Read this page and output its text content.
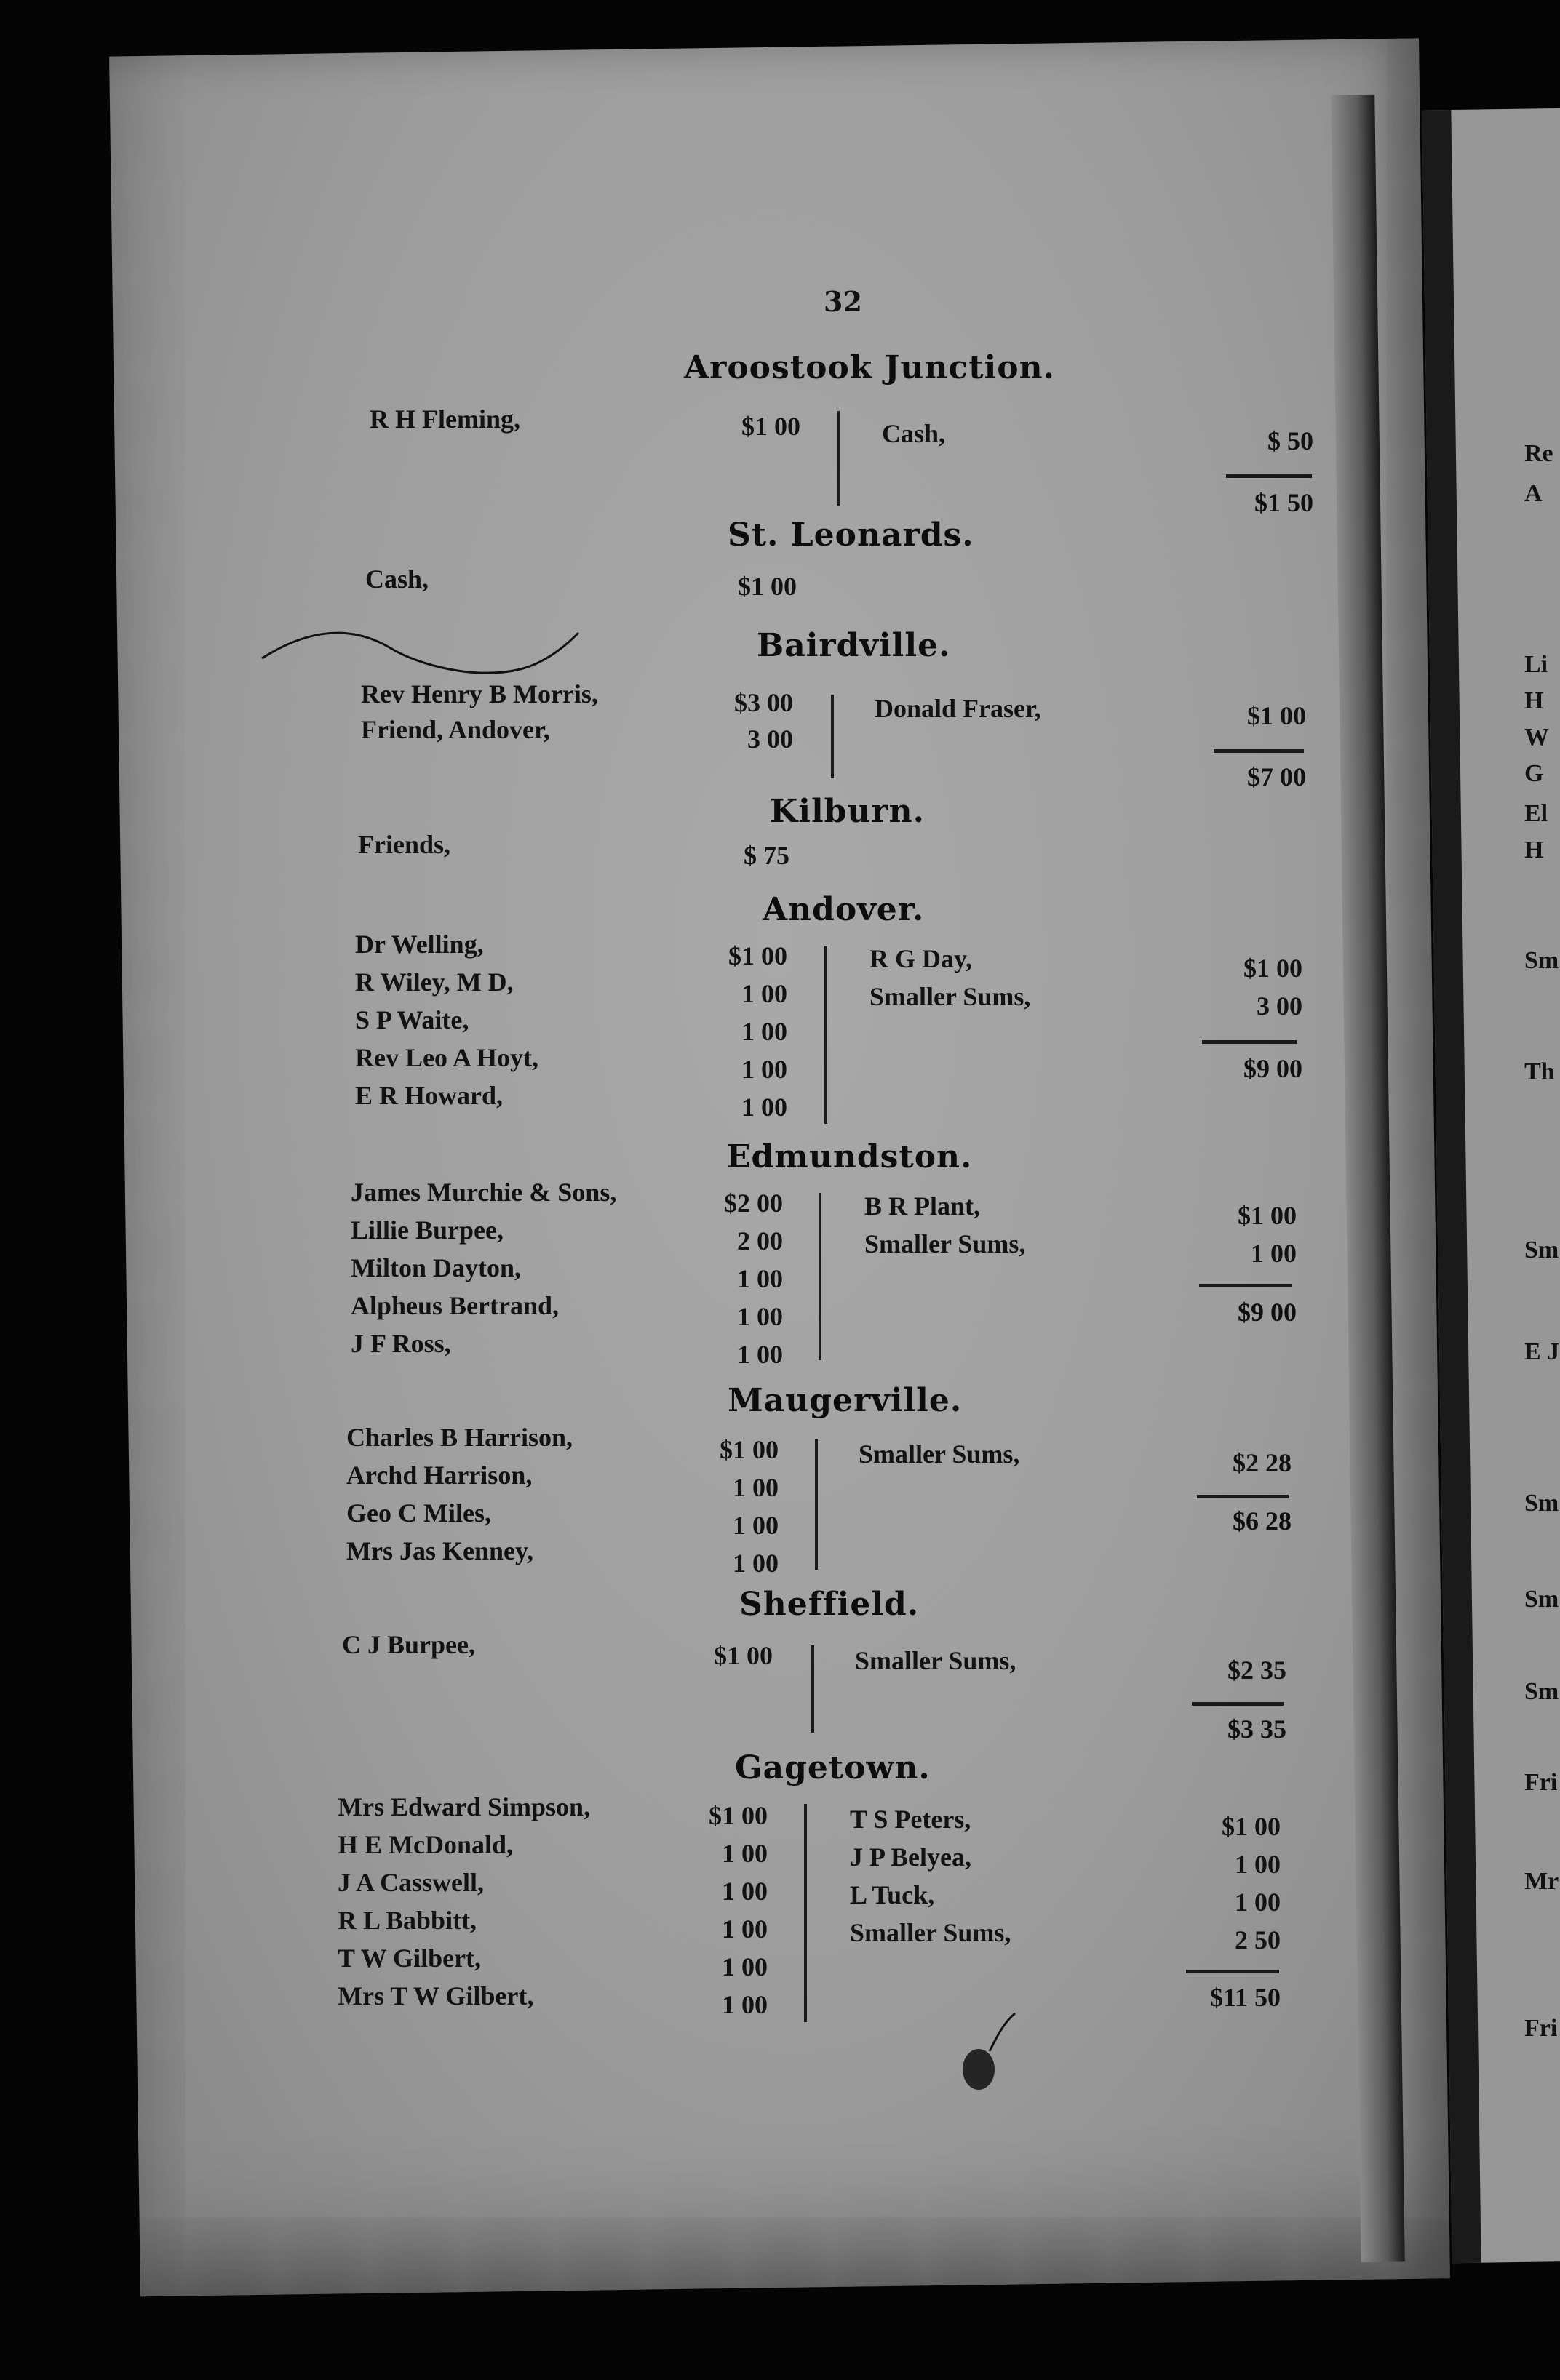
32
Aroostook Junction.
R H Fleming,	$1 00	Cash,	$ 50
$1 50
St. Leonards.
Cash,	$1 00
Bairdville.
Rev Henry B Morris,	$3 00
Friend, Andover,	3 00
Donald Fraser,	$1 00
$7 00
Kilburn.
Friends,	$ 75
Andover.
Dr Welling,	$1 00
R Wiley, M D,	1 00
S P Waite,	1 00
Rev Leo A Hoyt,	1 00
E R Howard,	1 00
R G Day,	$1 00
Smaller Sums,	3 00
$9 00
Edmundston.
James Murchie & Sons,	$2 00
Lillie Burpee,	2 00
Milton Dayton,	1 00
Alpheus Bertrand,	1 00
J F Ross,	1 00
B R Plant,	$1 00
Smaller Sums,	1 00
$9 00
Maugerville.
Charles B Harrison,	$1 00
Archd Harrison,	1 00
Geo C Miles,	1 00
Mrs Jas Kenney,	1 00
Smaller Sums,	$2 28
$6 28
Sheffield.
C J Burpee,	$1 00	Smaller Sums,	$2 35
$3 35
Gagetown.
Mrs Edward Simpson,	$1 00
H E McDonald,	1 00
J A Casswell,	1 00
R L Babbitt,	1 00
T W Gilbert,	1 00
Mrs T W Gilbert,	1 00
T S Peters,	$1 00
J P Belyea,	1 00
L Tuck,	1 00
Smaller Sums,	2 50
$11 50
Re
A
Li
H
W
G
El
H
Sm
Th
Sm
E J
Sm
Sm
Sm
Fri
Mr
Fri
